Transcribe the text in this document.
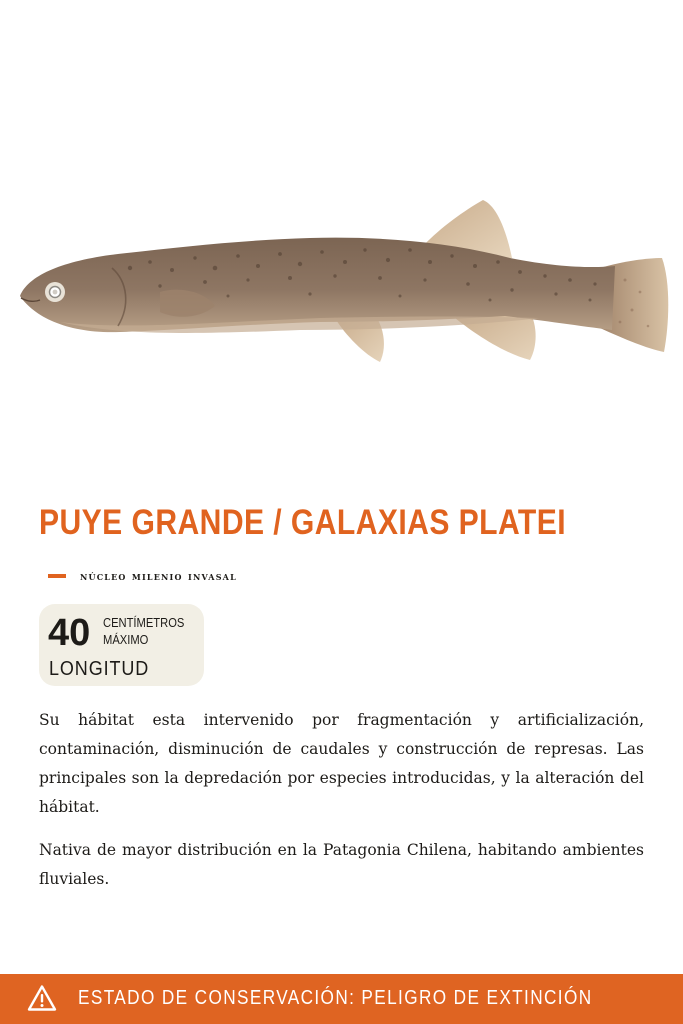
PUYE GRANDE / GALAXIAS PLATEI
núcleo milenio invasal
40 CENTÍMETROS
MÁXIMO
LONGITUD

Su hábitat esta intervenido por fragmentación y artificialización, contaminación, disminución de caudales y construcción de represas. Las principales son la depredación por especies introducidas, y la alteración del hábitat.

Nativa de mayor distribución en la Patagonia Chilena, habitando ambientes fluviales.

ESTADO DE CONSERVACIÓN: PELIGRO DE EXTINCIÓN
